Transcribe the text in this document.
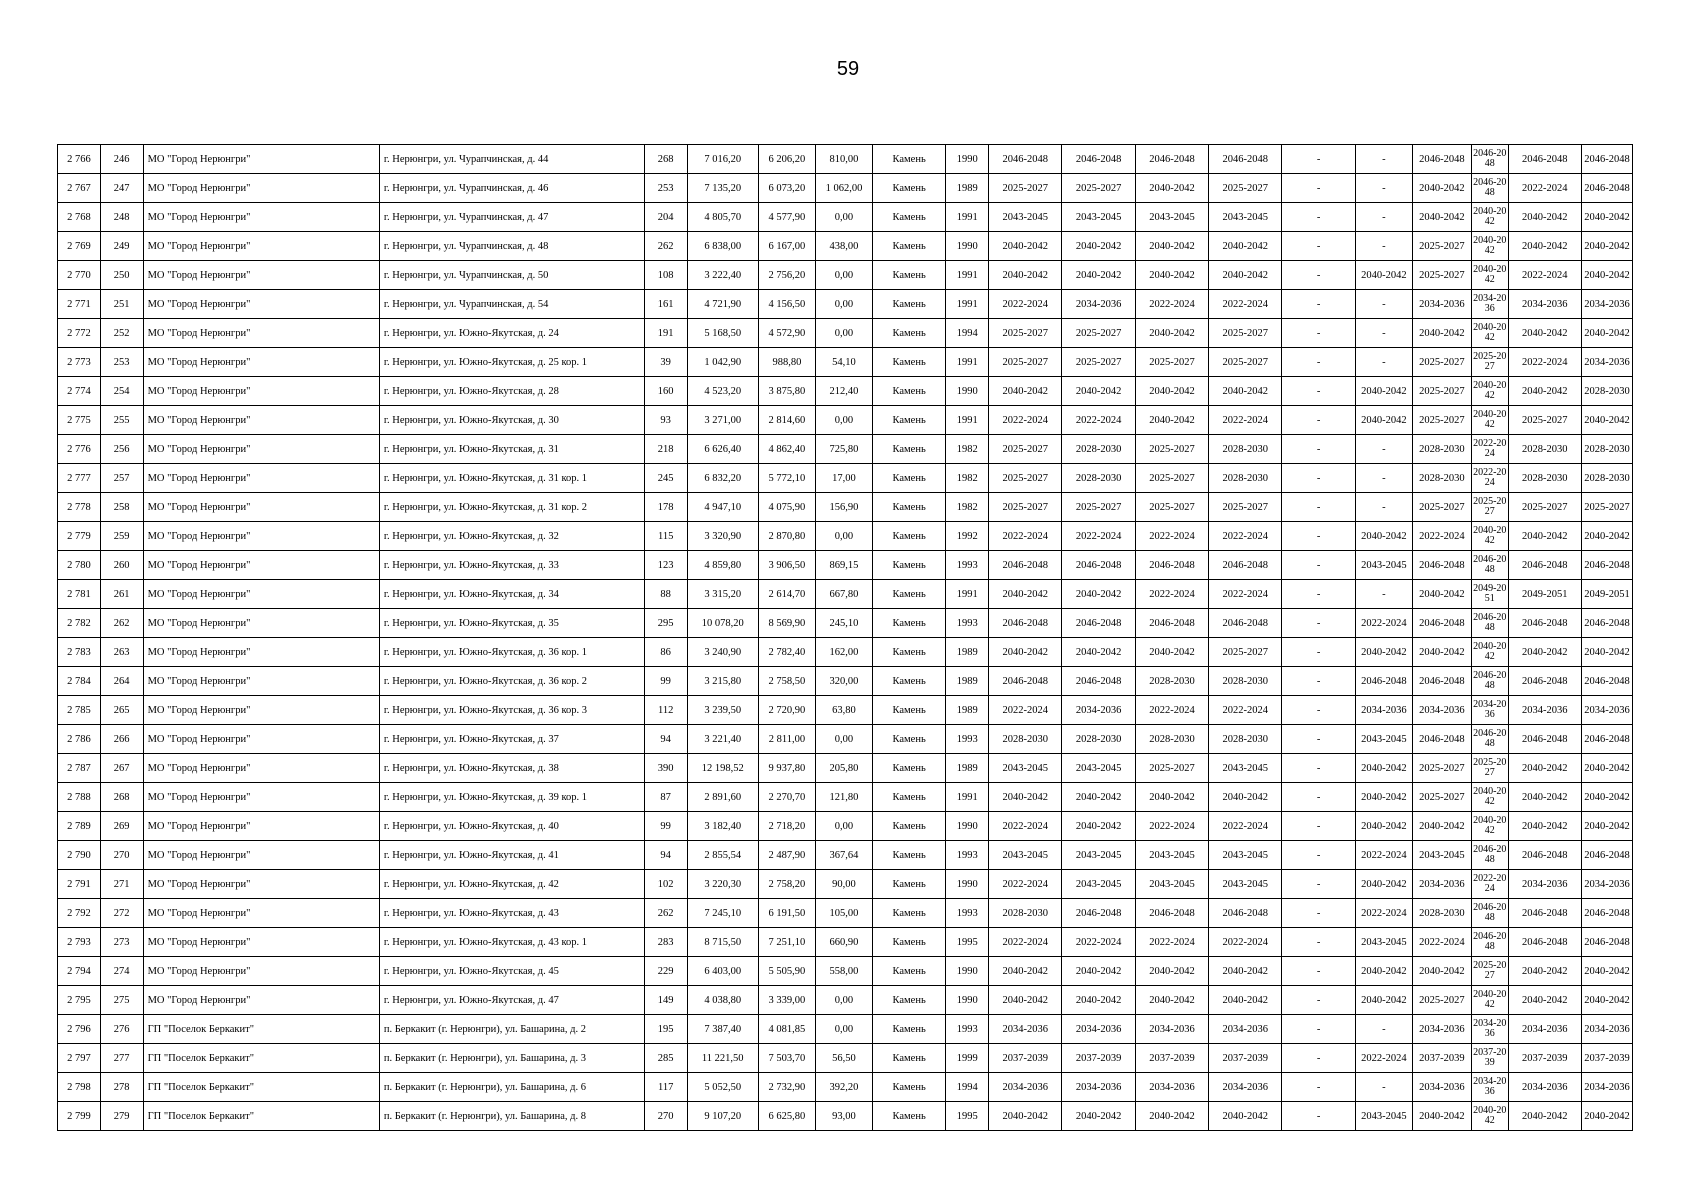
59
2 766	246	МО "Город Нерюнгри"	г. Нерюнгри, ул. Чурапчинская, д. 44	268	7 016,20	6 206,20	810,00	Камень	1990	2046-2048	2046-2048	2046-2048	2046-2048	-	-	2046-2048	2046-2048	2046-2048	2046-2048
2 767	247	МО "Город Нерюнгри"	г. Нерюнгри, ул. Чурапчинская, д. 46	253	7 135,20	6 073,20	1 062,00	Камень	1989	2025-2027	2025-2027	2040-2042	2025-2027	-	-	2040-2042	2046-2048	2022-2024	2046-2048
2 768	248	МО "Город Нерюнгри"	г. Нерюнгри, ул. Чурапчинская, д. 47	204	4 805,70	4 577,90	0,00	Камень	1991	2043-2045	2043-2045	2043-2045	2043-2045	-	-	2040-2042	2040-2042	2040-2042	2040-2042
2 769	249	МО "Город Нерюнгри"	г. Нерюнгри, ул. Чурапчинская, д. 48	262	6 838,00	6 167,00	438,00	Камень	1990	2040-2042	2040-2042	2040-2042	2040-2042	-	-	2025-2027	2040-2042	2040-2042	2040-2042
2 770	250	МО "Город Нерюнгри"	г. Нерюнгри, ул. Чурапчинская, д. 50	108	3 222,40	2 756,20	0,00	Камень	1991	2040-2042	2040-2042	2040-2042	2040-2042	-	2040-2042	2025-2027	2040-2042	2022-2024	2040-2042
2 771	251	МО "Город Нерюнгри"	г. Нерюнгри, ул. Чурапчинская, д. 54	161	4 721,90	4 156,50	0,00	Камень	1991	2022-2024	2034-2036	2022-2024	2022-2024	-	-	2034-2036	2034-2036	2034-2036	2034-2036
2 772	252	МО "Город Нерюнгри"	г. Нерюнгри, ул. Южно-Якутская, д. 24	191	5 168,50	4 572,90	0,00	Камень	1994	2025-2027	2025-2027	2040-2042	2025-2027	-	-	2040-2042	2040-2042	2040-2042	2040-2042
2 773	253	МО "Город Нерюнгри"	г. Нерюнгри, ул. Южно-Якутская, д. 25 кор. 1	39	1 042,90	988,80	54,10	Камень	1991	2025-2027	2025-2027	2025-2027	2025-2027	-	-	2025-2027	2025-2027	2022-2024	2034-2036
2 774	254	МО "Город Нерюнгри"	г. Нерюнгри, ул. Южно-Якутская, д. 28	160	4 523,20	3 875,80	212,40	Камень	1990	2040-2042	2040-2042	2040-2042	2040-2042	-	2040-2042	2025-2027	2040-2042	2040-2042	2028-2030
2 775	255	МО "Город Нерюнгри"	г. Нерюнгри, ул. Южно-Якутская, д. 30	93	3 271,00	2 814,60	0,00	Камень	1991	2022-2024	2022-2024	2040-2042	2022-2024	-	2040-2042	2025-2027	2040-2042	2025-2027	2040-2042
2 776	256	МО "Город Нерюнгри"	г. Нерюнгри, ул. Южно-Якутская, д. 31	218	6 626,40	4 862,40	725,80	Камень	1982	2025-2027	2028-2030	2025-2027	2028-2030	-	-	2028-2030	2022-2024	2028-2030	2028-2030
2 777	257	МО "Город Нерюнгри"	г. Нерюнгри, ул. Южно-Якутская, д. 31 кор. 1	245	6 832,20	5 772,10	17,00	Камень	1982	2025-2027	2028-2030	2025-2027	2028-2030	-	-	2028-2030	2022-2024	2028-2030	2028-2030
2 778	258	МО "Город Нерюнгри"	г. Нерюнгри, ул. Южно-Якутская, д. 31 кор. 2	178	4 947,10	4 075,90	156,90	Камень	1982	2025-2027	2025-2027	2025-2027	2025-2027	-	-	2025-2027	2025-2027	2025-2027	2025-2027
2 779	259	МО "Город Нерюнгри"	г. Нерюнгри, ул. Южно-Якутская, д. 32	115	3 320,90	2 870,80	0,00	Камень	1992	2022-2024	2022-2024	2022-2024	2022-2024	-	2040-2042	2022-2024	2040-2042	2040-2042	2040-2042
2 780	260	МО "Город Нерюнгри"	г. Нерюнгри, ул. Южно-Якутская, д. 33	123	4 859,80	3 906,50	869,15	Камень	1993	2046-2048	2046-2048	2046-2048	2046-2048	-	2043-2045	2046-2048	2046-2048	2046-2048	2046-2048
2 781	261	МО "Город Нерюнгри"	г. Нерюнгри, ул. Южно-Якутская, д. 34	88	3 315,20	2 614,70	667,80	Камень	1991	2040-2042	2040-2042	2022-2024	2022-2024	-	-	2040-2042	2049-2051	2049-2051	2049-2051
2 782	262	МО "Город Нерюнгри"	г. Нерюнгри, ул. Южно-Якутская, д. 35	295	10 078,20	8 569,90	245,10	Камень	1993	2046-2048	2046-2048	2046-2048	2046-2048	-	2022-2024	2046-2048	2046-2048	2046-2048	2046-2048
2 783	263	МО "Город Нерюнгри"	г. Нерюнгри, ул. Южно-Якутская, д. 36 кор. 1	86	3 240,90	2 782,40	162,00	Камень	1989	2040-2042	2040-2042	2040-2042	2025-2027	-	2040-2042	2040-2042	2040-2042	2040-2042	2040-2042
2 784	264	МО "Город Нерюнгри"	г. Нерюнгри, ул. Южно-Якутская, д. 36 кор. 2	99	3 215,80	2 758,50	320,00	Камень	1989	2046-2048	2046-2048	2028-2030	2028-2030	-	2046-2048	2046-2048	2046-2048	2046-2048	2046-2048
2 785	265	МО "Город Нерюнгри"	г. Нерюнгри, ул. Южно-Якутская, д. 36 кор. 3	112	3 239,50	2 720,90	63,80	Камень	1989	2022-2024	2034-2036	2022-2024	2022-2024	-	2034-2036	2034-2036	2034-2036	2034-2036	2034-2036
2 786	266	МО "Город Нерюнгри"	г. Нерюнгри, ул. Южно-Якутская, д. 37	94	3 221,40	2 811,00	0,00	Камень	1993	2028-2030	2028-2030	2028-2030	2028-2030	-	2043-2045	2046-2048	2046-2048	2046-2048	2046-2048
2 787	267	МО "Город Нерюнгри"	г. Нерюнгри, ул. Южно-Якутская, д. 38	390	12 198,52	9 937,80	205,80	Камень	1989	2043-2045	2043-2045	2025-2027	2043-2045	-	2040-2042	2025-2027	2025-2027	2040-2042	2040-2042
2 788	268	МО "Город Нерюнгри"	г. Нерюнгри, ул. Южно-Якутская, д. 39 кор. 1	87	2 891,60	2 270,70	121,80	Камень	1991	2040-2042	2040-2042	2040-2042	2040-2042	-	2040-2042	2025-2027	2040-2042	2040-2042	2040-2042
2 789	269	МО "Город Нерюнгри"	г. Нерюнгри, ул. Южно-Якутская, д. 40	99	3 182,40	2 718,20	0,00	Камень	1990	2022-2024	2040-2042	2022-2024	2022-2024	-	2040-2042	2040-2042	2040-2042	2040-2042	2040-2042
2 790	270	МО "Город Нерюнгри"	г. Нерюнгри, ул. Южно-Якутская, д. 41	94	2 855,54	2 487,90	367,64	Камень	1993	2043-2045	2043-2045	2043-2045	2043-2045	-	2022-2024	2043-2045	2046-2048	2046-2048	2046-2048
2 791	271	МО "Город Нерюнгри"	г. Нерюнгри, ул. Южно-Якутская, д. 42	102	3 220,30	2 758,20	90,00	Камень	1990	2022-2024	2043-2045	2043-2045	2043-2045	-	2040-2042	2034-2036	2022-2024	2034-2036	2034-2036
2 792	272	МО "Город Нерюнгри"	г. Нерюнгри, ул. Южно-Якутская, д. 43	262	7 245,10	6 191,50	105,00	Камень	1993	2028-2030	2046-2048	2046-2048	2046-2048	-	2022-2024	2028-2030	2046-2048	2046-2048	2046-2048
2 793	273	МО "Город Нерюнгри"	г. Нерюнгри, ул. Южно-Якутская, д. 43 кор. 1	283	8 715,50	7 251,10	660,90	Камень	1995	2022-2024	2022-2024	2022-2024	2022-2024	-	2043-2045	2022-2024	2046-2048	2046-2048	2046-2048
2 794	274	МО "Город Нерюнгри"	г. Нерюнгри, ул. Южно-Якутская, д. 45	229	6 403,00	5 505,90	558,00	Камень	1990	2040-2042	2040-2042	2040-2042	2040-2042	-	2040-2042	2040-2042	2025-2027	2040-2042	2040-2042
2 795	275	МО "Город Нерюнгри"	г. Нерюнгри, ул. Южно-Якутская, д. 47	149	4 038,80	3 339,00	0,00	Камень	1990	2040-2042	2040-2042	2040-2042	2040-2042	-	2040-2042	2025-2027	2040-2042	2040-2042	2040-2042
2 796	276	ГП "Поселок Беркакит"	п. Беркакит (г. Нерюнгри), ул. Башарина, д. 2	195	7 387,40	4 081,85	0,00	Камень	1993	2034-2036	2034-2036	2034-2036	2034-2036	-	-	2034-2036	2034-2036	2034-2036	2034-2036
2 797	277	ГП "Поселок Беркакит"	п. Беркакит (г. Нерюнгри), ул. Башарина, д. 3	285	11 221,50	7 503,70	56,50	Камень	1999	2037-2039	2037-2039	2037-2039	2037-2039	-	2022-2024	2037-2039	2037-2039	2037-2039	2037-2039
2 798	278	ГП "Поселок Беркакит"	п. Беркакит (г. Нерюнгри), ул. Башарина, д. 6	117	5 052,50	2 732,90	392,20	Камень	1994	2034-2036	2034-2036	2034-2036	2034-2036	-	-	2034-2036	2034-2036	2034-2036	2034-2036
2 799	279	ГП "Поселок Беркакит"	п. Беркакит (г. Нерюнгри), ул. Башарина, д. 8	270	9 107,20	6 625,80	93,00	Камень	1995	2040-2042	2040-2042	2040-2042	2040-2042	-	2043-2045	2040-2042	2040-2042	2040-2042	2040-2042
